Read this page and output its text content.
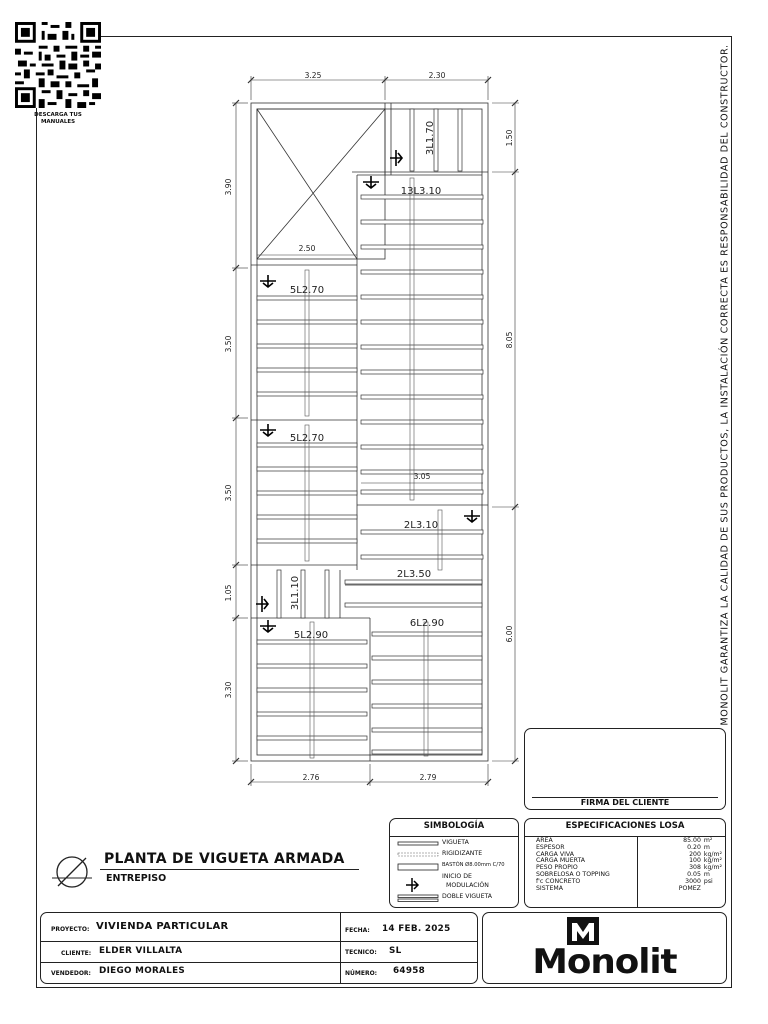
DESCARGA TUS
MANUALES	MONOLIT GARANTIZA LA CALIDAD DE SUS PRODUCTOS, LA INSTALACIÓN CORRECTA ES RESPONSABILIDAD DEL CONSTRUCTOR.
3.25	2.30
2.76	2.79
2.50
3.05
3.90
3.50
3.50
1.05
3.30
1.50
8.05
6.00
3L1.70
13L3.10
5L2.70
5L2.70
2L3.10
2L3.50
3L1.10
5L2.90
6L2.90
FIRMA DEL CLIENTE
SIMBOLOGÍA
VIGUETA
RIGIDIZANTE
BASTÓN Ø8.00mm C/70
INICIO DE
MODULACIÓN
DOBLE VIGUETA
ESPECIFICACIONES LOSA
AREA	85.00	m²
ESPESOR	0.20	m
CARGA VIVA	200	kg/m²
CARGA MUERTA	100	kg/m²
PESO PROPIO	308	kg/m²
SOBRELOSA O TOPPING	0.05	m
f'c CONCRETO	3000	psi
SISTEMA	POMEZ	
PLANTA DE VIGUETA ARMADA
ENTREPISO
PROYECTO: VIVIENDA PARTICULAR
CLIENTE: ELDER VILLALTA
VENDEDOR: DIEGO MORALES
FECHA: 14 FEB. 2025
TECNICO: SL
NÚMERO: 64958	Monolit
